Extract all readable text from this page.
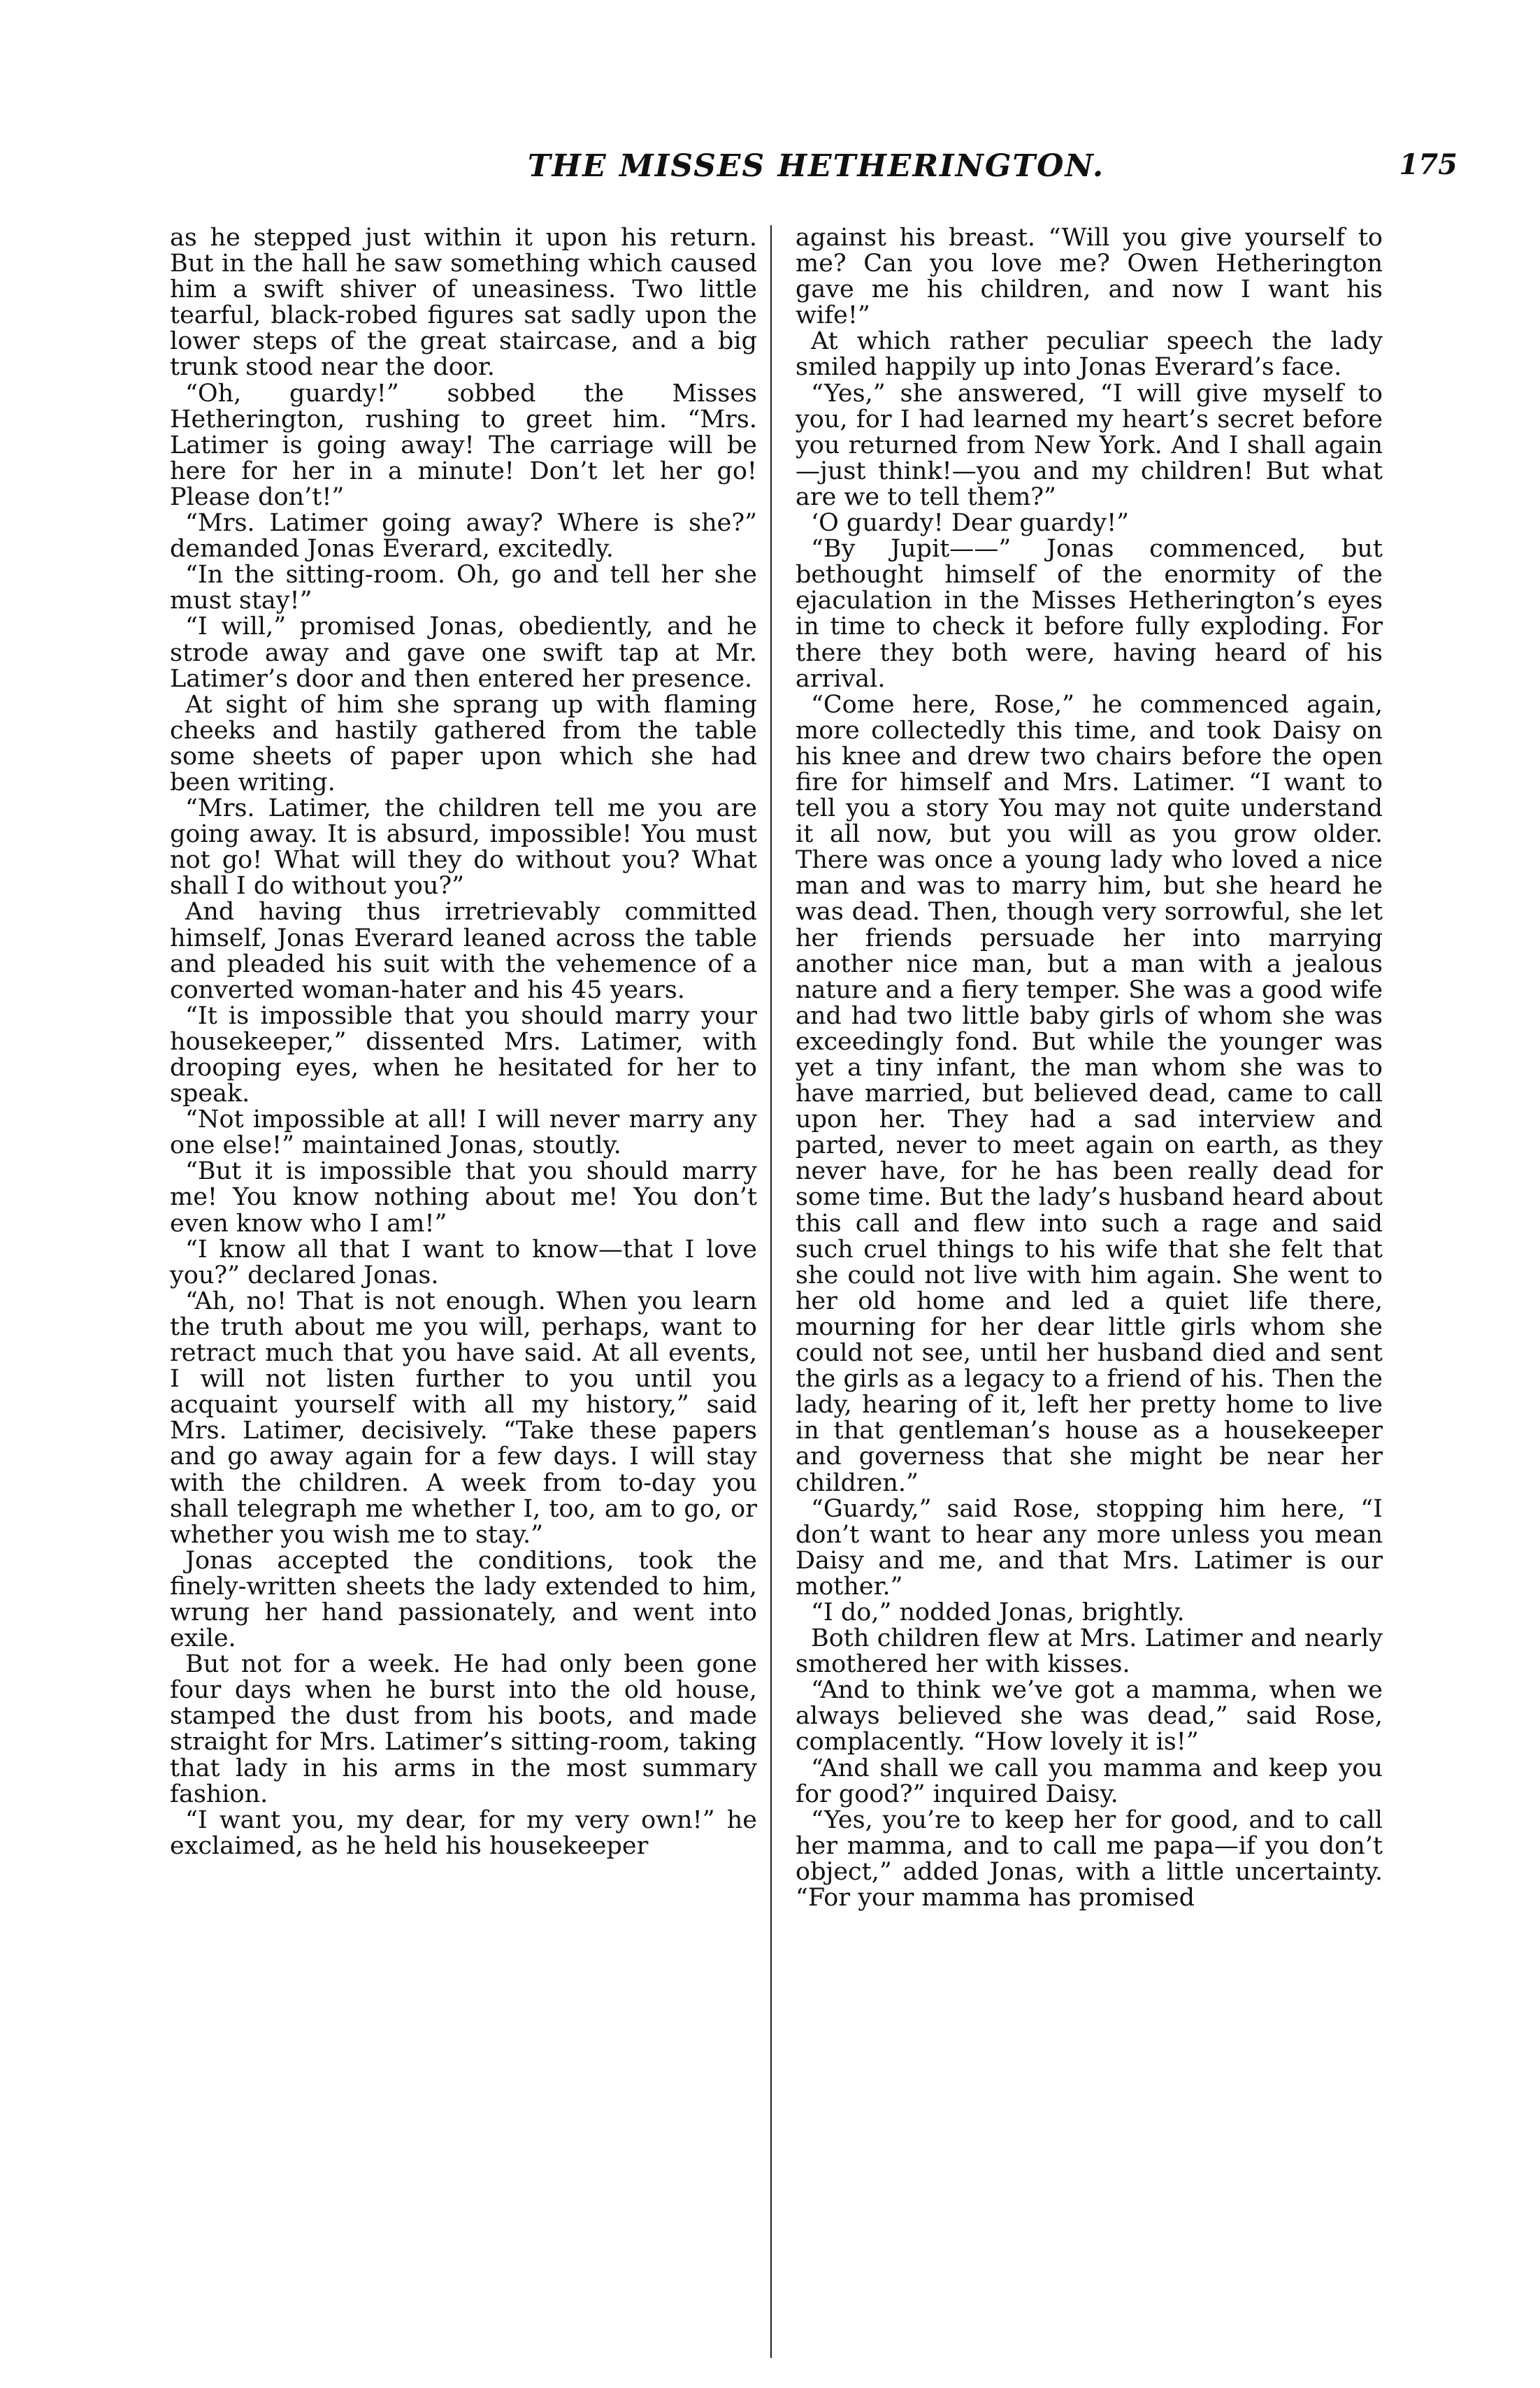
THE MISSES HETHERINGTON.	175

as he stepped just within it upon his return. But in the hall he saw something which caused him a swift shiver of uneasiness. Two little tearful, black-robed figures sat sadly upon the lower steps of the great staircase, and a big trunk stood near the door.

“Oh, guardy!” sobbed the Misses Hetherington, rushing to greet him. “Mrs. Latimer is going away! The carriage will be here for her in a minute! Don’t let her go! Please don’t!”

“Mrs. Latimer going away? Where is she?” demanded Jonas Everard, excitedly.

“In the sitting-room. Oh, go and tell her she must stay!”

“I will,” promised Jonas, obediently, and he strode away and gave one swift tap at Mr. Latimer’s door and then entered her presence.

At sight of him she sprang up with flaming cheeks and hastily gathered from the table some sheets of paper upon which she had been writing.

“Mrs. Latimer, the children tell me you are going away. It is absurd, impossible! You must not go! What will they do without you? What shall I do without you?”

And having thus irretrievably committed himself, Jonas Everard leaned across the table and pleaded his suit with the vehemence of a converted woman-hater and his 45 years.

“It is impossible that you should marry your housekeeper,” dissented Mrs. Latimer, with drooping eyes, when he hesitated for her to speak.

“Not impossible at all! I will never marry any one else!” maintained Jonas, stoutly.

“But it is impossible that you should marry me! You know nothing about me! You don’t even know who I am!”

“I know all that I want to know—that I love you?” declared Jonas.

“Ah, no! That is not enough. When you learn the truth about me you will, perhaps, want to retract much that you have said. At all events, I will not listen further to you until you acquaint yourself with all my history,” said Mrs. Latimer, decisively. “Take these papers and go away again for a few days. I will stay with the children. A week from to-day you shall telegraph me whether I, too, am to go, or whether you wish me to stay.”

Jonas accepted the conditions, took the finely-written sheets the lady extended to him, wrung her hand passionately, and went into exile.

But not for a week. He had only been gone four days when he burst into the old house, stamped the dust from his boots, and made straight for Mrs. Latimer’s sitting-room, taking that lady in his arms in the most summary fashion.

“I want you, my dear, for my very own!” he exclaimed, as he held his housekeeper

against his breast. “Will you give yourself to me? Can you love me? Owen Hetherington gave me his children, and now I want his wife!”

At which rather peculiar speech the lady smiled happily up into Jonas Everard’s face.

“Yes,” she answered, “I will give myself to you, for I had learned my heart’s secret before you returned from New York. And I shall again—just think!—you and my children! But what are we to tell them?”

‘O guardy! Dear guardy!”

“By Jupit——” Jonas commenced, but bethought himself of the enormity of the ejaculation in the Misses Hetherington’s eyes in time to check it before fully exploding. For there they both were, having heard of his arrival.

“Come here, Rose,” he commenced again, more collectedly this time, and took Daisy on his knee and drew two chairs before the open fire for himself and Mrs. Latimer. “I want to tell you a story You may not quite understand it all now, but you will as you grow older. There was once a young lady who loved a nice man and was to marry him, but she heard he was dead. Then, though very sorrowful, she let her friends persuade her into marrying another nice man, but a man with a jealous nature and a fiery temper. She was a good wife and had two little baby girls of whom she was exceedingly fond. But while the younger was yet a tiny infant, the man whom she was to have married, but believed dead, came to call upon her. They had a sad interview and parted, never to meet again on earth, as they never have, for he has been really dead for some time. But the lady’s husband heard about this call and flew into such a rage and said such cruel things to his wife that she felt that she could not live with him again. She went to her old home and led a quiet life there, mourning for her dear little girls whom she could not see, until her husband died and sent the girls as a legacy to a friend of his. Then the lady, hearing of it, left her pretty home to live in that gentleman’s house as a housekeeper and governess that she might be near her children.”

“Guardy,” said Rose, stopping him here, “I don’t want to hear any more unless you mean Daisy and me, and that Mrs. Latimer is our mother.”

“I do,” nodded Jonas, brightly.

Both children flew at Mrs. Latimer and nearly smothered her with kisses.

“And to think we’ve got a mamma, when we always believed she was dead,” said Rose, complacently. “How lovely it is!”

“And shall we call you mamma and keep you for good?” inquired Daisy.

“Yes, you’re to keep her for good, and to call her mamma, and to call me papa—if you don’t object,” added Jonas, with a little uncertainty. “For your mamma has promised
